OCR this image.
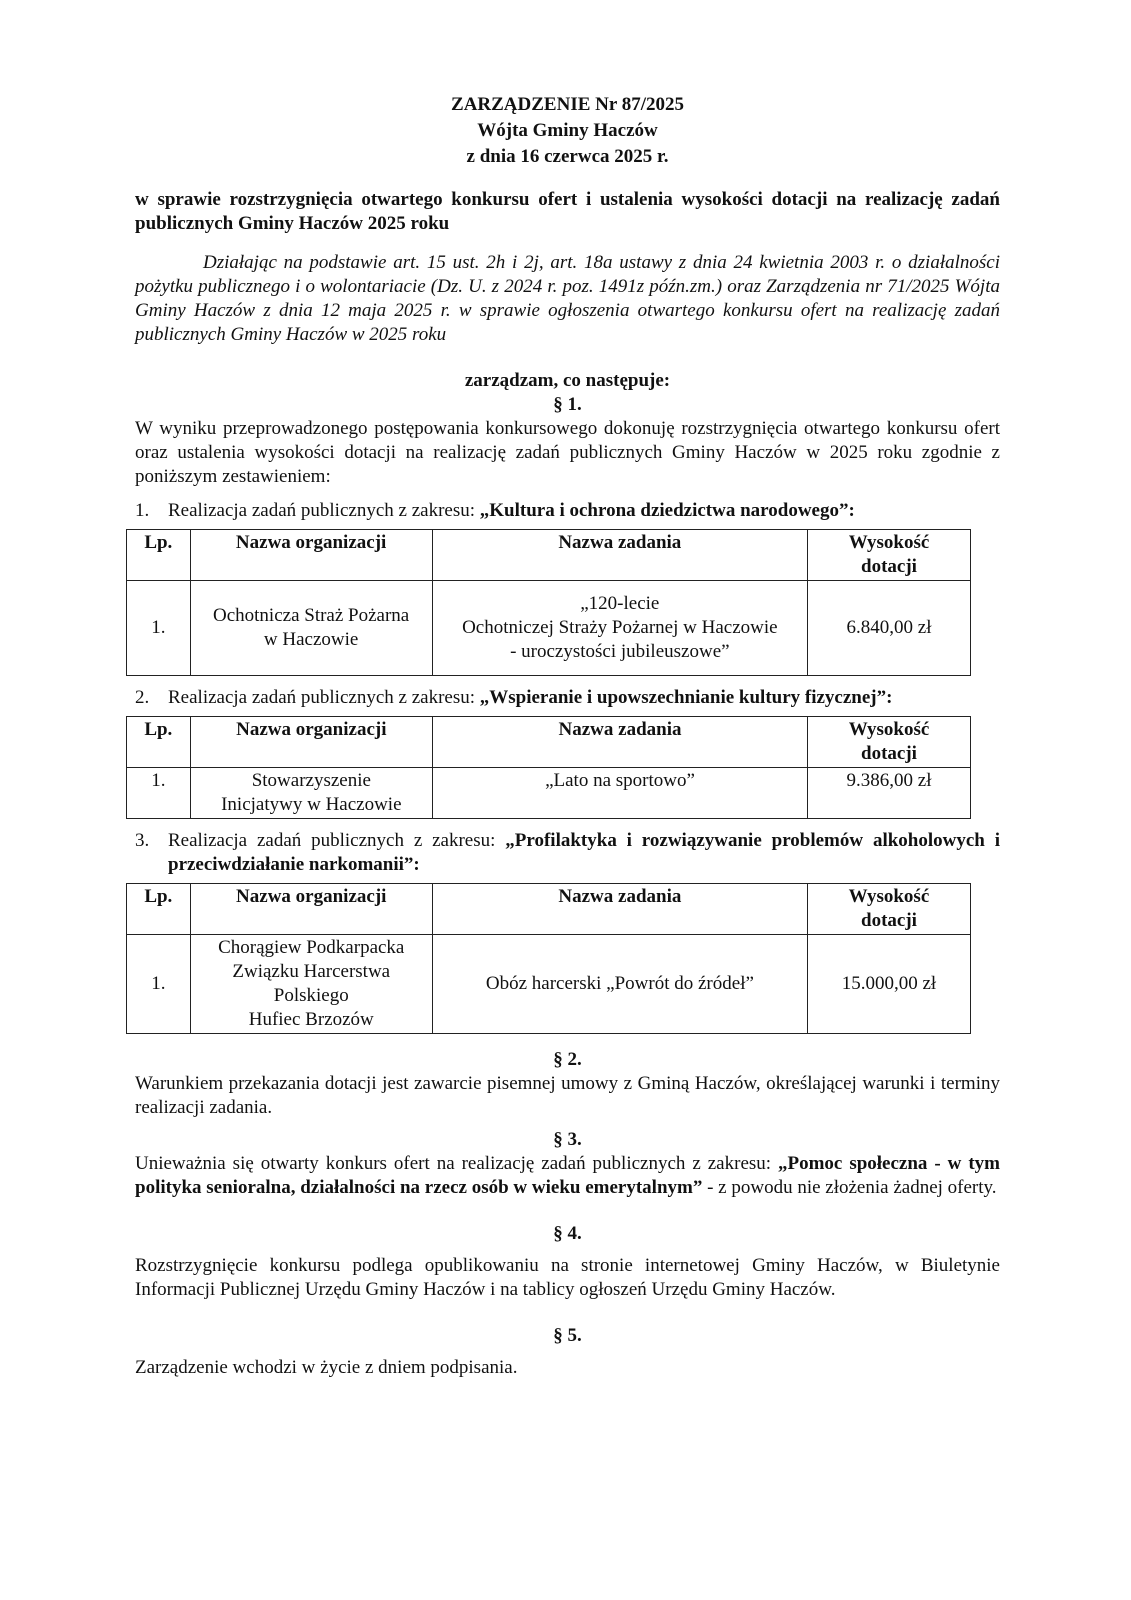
ZARZĄDZENIE Nr 87/2025
Wójta Gminy Haczów
z dnia 16 czerwca 2025 r.
w sprawie rozstrzygnięcia otwartego konkursu ofert i ustalenia wysokości dotacji na realizację zadań publicznych Gminy Haczów 2025 roku
Działając na podstawie art. 15 ust. 2h i 2j, art. 18a ustawy z dnia 24 kwietnia 2003 r. o działalności pożytku publicznego i o wolontariacie (Dz. U. z 2024 r. poz. 1491z późn.zm.) oraz Zarządzenia nr 71/2025 Wójta Gminy Haczów z dnia 12 maja 2025 r. w sprawie ogłoszenia otwartego konkursu ofert na realizację zadań publicznych Gminy Haczów w 2025 roku
zarządzam, co następuje:
§ 1.
W wyniku przeprowadzonego postępowania konkursowego dokonuję rozstrzygnięcia otwartego konkursu ofert oraz ustalenia wysokości dotacji na realizację zadań publicznych Gminy Haczów w 2025 roku zgodnie z poniższym zestawieniem:
1. Realizacja zadań publicznych z zakresu: „Kultura i ochrona dziedzictwa narodowego”:
Lp.	Nazwa organizacji	Nazwa zadania	Wysokość
dotacji
1.	Ochotnicza Straż Pożarna
w Haczowie	„120-lecie
Ochotniczej Straży Pożarnej w Haczowie
- uroczystości jubileuszowe”	6.840,00 zł
2. Realizacja zadań publicznych z zakresu: „Wspieranie i upowszechnianie kultury fizycznej”:
Lp.	Nazwa organizacji	Nazwa zadania	Wysokość
dotacji
1.	Stowarzyszenie
Inicjatywy w Haczowie	„Lato na sportowo”	9.386,00 zł
3. Realizacja zadań publicznych z zakresu: „Profilaktyka i rozwiązywanie problemów alkoholowych i przeciwdziałanie narkomanii”:
Lp.	Nazwa organizacji	Nazwa zadania	Wysokość
dotacji
1.	Chorągiew Podkarpacka
Związku Harcerstwa
Polskiego
Hufiec Brzozów	Obóz harcerski „Powrót do źródeł”	15.000,00 zł
§ 2.
Warunkiem przekazania dotacji jest zawarcie pisemnej umowy z Gminą Haczów, określającej warunki i terminy realizacji zadania.
§ 3.
Unieważnia się otwarty konkurs ofert na realizację zadań publicznych z zakresu: „Pomoc społeczna - w tym polityka senioralna, działalności na rzecz osób w wieku emerytalnym” - z powodu nie złożenia żadnej oferty.
§ 4.
Rozstrzygnięcie konkursu podlega opublikowaniu na stronie internetowej Gminy Haczów, w Biuletynie Informacji Publicznej Urzędu Gminy Haczów i na tablicy ogłoszeń Urzędu Gminy Haczów.
§ 5.
Zarządzenie wchodzi w życie z dniem podpisania.
